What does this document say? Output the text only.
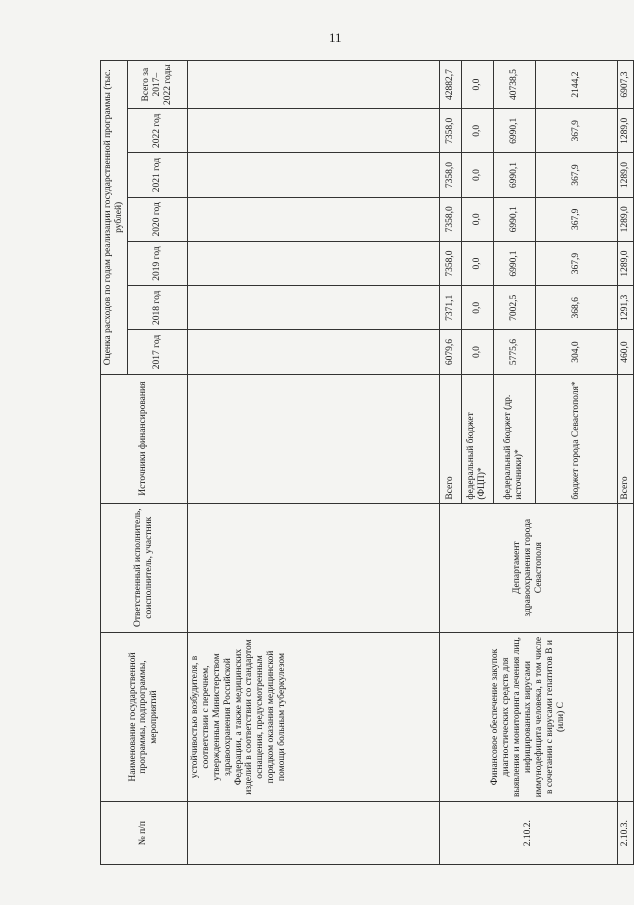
11
№ п/п	Наименование государственной программы, подпрограммы, мероприятий	Ответственный исполнитель, соисполнитель, участник	Источники финансирования	Оценка расходов по годам реализации государственной программы (тыс. рублей)						
				2017 год	2018 год	2019 год	2020 год	2021 год	2022 год	Всего за 2017–2022 годы
	устойчивостью возбудителя, в соответствии с перечнем, утвержденным Министерством здравоохранения Российской Федерации, а также медицинских изделий в соответствии со стандартом оснащения, предусмотренным порядком оказания медицинской помощи больным туберкулезом									
2.10.2.	Финансовое обеспечение закупок диагностических средств для выявления и мониторинга лечения лиц, инфицированных вирусами иммунодефицита человека, в том числе в сочетании с вирусами гепатитов B и (или) C	Департамент здравоохранения города Севастополя	Всего	6079,6	7371,1	7358,0	7358,0	7358,0	7358,0	42882,7
			федеральный бюджет (ФЦП)*	0,0	0,0	0,0	0,0	0,0	0,0	0,0
			федеральный бюджет (др. источники)*	5775,6	7002,5	6990,1	6990,1	6990,1	6990,1	40738,5
			бюджет города Севастополя*	304,0	368,6	367,9	367,9	367,9	367,9	2144,2
2.10.3.			Всего	460,0	1291,3	1289,0	1289,0	1289,0	1289,0	6907,3
